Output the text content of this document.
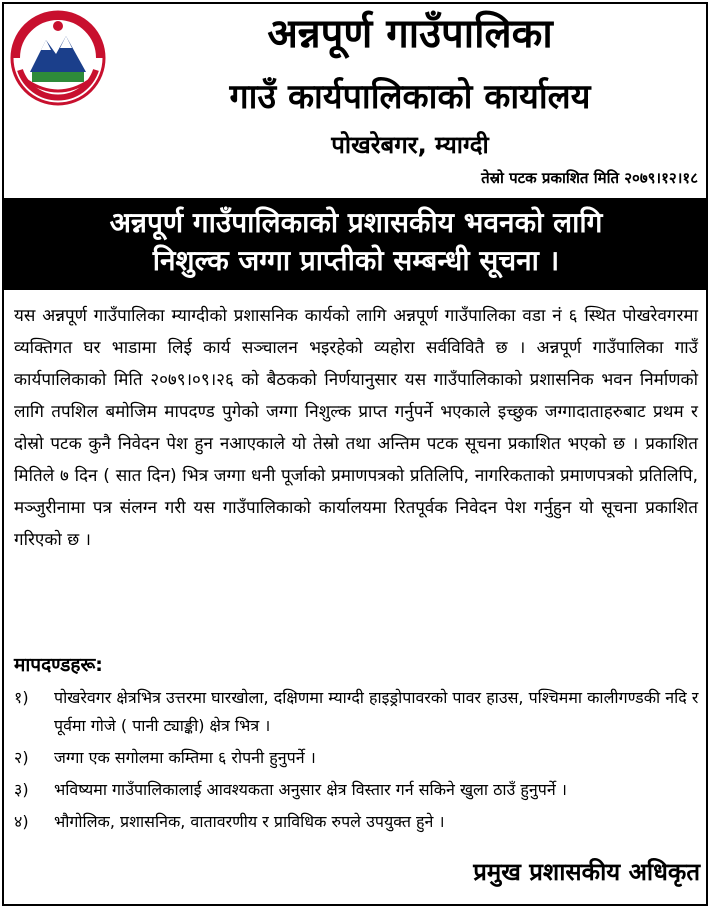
अन्नपूर्ण गाउँपालिका
गाउँ कार्यपालिकाको कार्यालय
पोखरेबगर, म्याग्दी
तेस्रो पटक प्रकाशित मिति २०७९।१२।१८
अन्नपूर्ण गाउँपालिकाको प्रशासकीय भवनको लागि
निशुल्क जग्गा प्राप्तीको सम्बन्धी सूचना ।
यस अन्नपूर्ण गाउँपालिका म्याग्दीको प्रशासनिक कार्यको लागि अन्नपूर्ण गाउँपालिका वडा नं ६ स्थित पोखरेवगरमा व्यक्तिगत घर भाडामा लिई कार्य सञ्चालन भइरहेको व्यहोरा सर्वविवितै छ । अन्नपूर्ण गाउँपालिका गाउँ कार्यपालिकाको मिति २०७९।०९।२६ को बैठकको निर्णयानुसार यस गाउँपालिकाको प्रशासनिक भवन निर्माणको लागि तपशिल बमोजिम मापदण्ड पुगेको जग्गा निशुल्क प्राप्त गर्नुपर्ने भएकाले इच्छुक जग्गादाताहरुबाट प्रथम र दोस्रो पटक कुनै निवेदन पेश हुन नआएकाले यो तेस्रो तथा अन्तिम पटक सूचना प्रकाशित भएको छ । प्रकाशित मितिले ७ दिन ( सात दिन) भित्र जग्गा धनी पूर्जाको प्रमाणपत्रको प्रतिलिपि, नागरिकताको प्रमाणपत्रको प्रतिलिपि, मञ्जुरीनामा पत्र संलग्न गरी यस गाउँपालिकाको कार्यालयमा रितपूर्वक निवेदन पेश गर्नुहुन यो सूचना प्रकाशित गरिएको छ ।
मापदण्डहरू:
१)	पोखरेवगर क्षेत्रभित्र उत्तरमा घारखोला, दक्षिणमा म्याग्दी हाइड्रोपावरको पावर हाउस, पश्चिममा कालीगण्डकी नदि र पूर्वमा गोजे ( पानी ट्याङ्की) क्षेत्र भित्र ।
२)	जग्गा एक सगोलमा कम्तिमा ६ रोपनी हुनुपर्ने ।
३)	भविष्यमा गाउँपालिकालाई आवश्यकता अनुसार क्षेत्र विस्तार गर्न सकिने खुला ठाउँ हुनुपर्ने ।
४)	भौगोलिक, प्रशासनिक, वातावरणीय र प्राविधिक रुपले उपयुक्त हुने ।
प्रमुख प्रशासकीय अधिकृत
